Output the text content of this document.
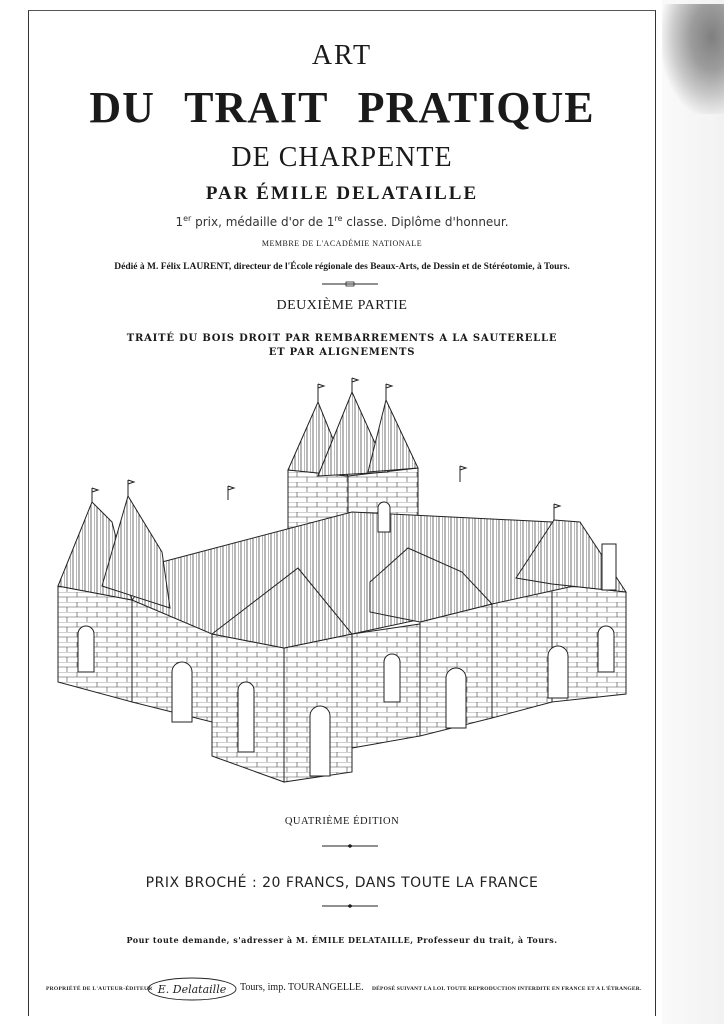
ART
DU TRAIT PRATIQUE
DE CHARPENTE
PAR ÉMILE DELATAILLE
1er prix, médaille d'or de 1re classe. Diplôme d'honneur.
MEMBRE DE L'ACADÉMIE NATIONALE
Dédié à M. Félix LAURENT, directeur de l'École régionale des Beaux-Arts, de Dessin et de Stéréotomie, à Tours.
DEUXIÈME PARTIE
TRAITÉ DU BOIS DROIT PAR REMBARREMENTS A LA SAUTERELLE
ET PAR ALIGNEMENTS
QUATRIÈME ÉDITION
PRIX BROCHÉ : 20 FRANCS, DANS TOUTE LA FRANCE
Pour toute demande, s'adresser à M. ÉMILE DELATAILLE, Professeur du trait, à Tours.
PROPRIÉTÉ DE L'AUTEUR-ÉDITEUR E. Delataille Tours, imp. TOURANGELLE. DÉPOSÉ SUIVANT LA LOI. TOUTE REPRODUCTION INTERDITE EN FRANCE ET A L'ÉTRANGER.
